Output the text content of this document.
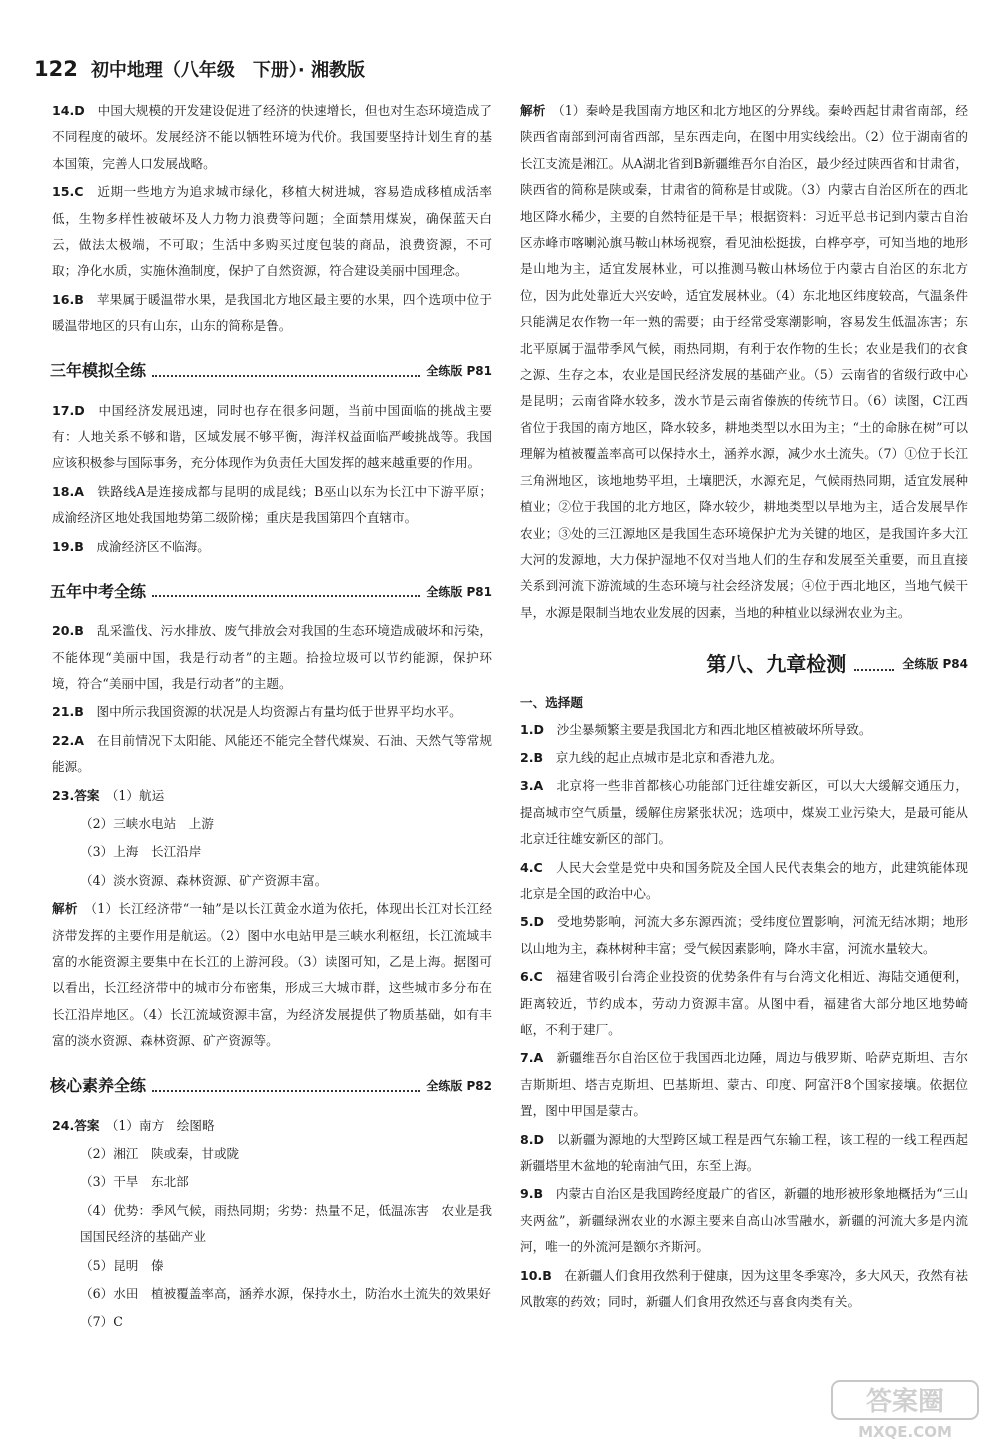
122 初中地理（八年级　下册）· 湘教版
14.D　 中国大规模的开发建设促进了经济的快速增长，但也对生态环境造成了不同程度的破坏。发展经济不能以牺牲环境为代价。我国要坚持计划生育的基本国策，完善人口发展战略。
15.C　 近期一些地方为追求城市绿化，移植大树进城，容易造成移植成活率低，生物多样性被破坏及人力物力浪费等问题；全面禁用煤炭，确保蓝天白云，做法太极端，不可取；生活中多购买过度包装的商品，浪费资源，不可取；净化水质，实施休渔制度，保护了自然资源，符合建设美丽中国理念。
16.B　 苹果属于暖温带水果，是我国北方地区最主要的水果，四个选项中位于暖温带地区的只有山东，山东的简称是鲁。
三年模拟全练	全练版 P81
17.D　 中国经济发展迅速，同时也存在很多问题，当前中国面临的挑战主要有：人地关系不够和谐，区域发展不够平衡，海洋权益面临严峻挑战等。我国应该积极参与国际事务，充分体现作为负责任大国发挥的越来越重要的作用。
18.A　 铁路线A是连接成都与昆明的成昆线；B巫山以东为长江中下游平原；成渝经济区地处我国地势第二级阶梯；重庆是我国第四个直辖市。
19.B　 成渝经济区不临海。
五年中考全练	全练版 P81
20.B　 乱采滥伐、污水排放、废气排放会对我国的生态环境造成破坏和污染，不能体现“美丽中国，我是行动者”的主题。拾捡垃圾可以节约能源，保护环境，符合“美丽中国，我是行动者”的主题。
21.B　 图中所示我国资源的状况是人均资源占有量均低于世界平均水平。
22.A　 在目前情况下太阳能、风能还不能完全替代煤炭、石油、天然气等常规能源。
23.答案　 （1）航运
（2）三峡水电站　上游
（3）上海　长江沿岸
（4）淡水资源、森林资源、矿产资源丰富。
解析　 （1）长江经济带“一轴”是以长江黄金水道为依托，体现出长江对长江经济带发挥的主要作用是航运。（2）图中水电站甲是三峡水利枢纽，长江流域丰富的水能资源主要集中在长江的上游河段。（3）读图可知，乙是上海。据图可以看出，长江经济带中的城市分布密集，形成三大城市群，这些城市多分布在长江沿岸地区。（4）长江流域资源丰富，为经济发展提供了物质基础，如有丰富的淡水资源、森林资源、矿产资源等。
核心素养全练	全练版 P82
24.答案　 （1）南方　绘图略
（2）湘江　陕或秦，甘或陇
（3）干旱　东北部
（4）优势：季风气候，雨热同期；劣势：热量不足，低温冻害　农业是我国国民经济的基础产业
（5）昆明　傣
（6）水田　植被覆盖率高，涵养水源，保持水土，防治水土流失的效果好
（7）C
解析　 （1）秦岭是我国南方地区和北方地区的分界线。秦岭西起甘肃省南部，经陕西省南部到河南省西部，呈东西走向，在图中用实线绘出。（2）位于湖南省的长江支流是湘江。从A湖北省到B新疆维吾尔自治区，最少经过陕西省和甘肃省，陕西省的简称是陕或秦，甘肃省的简称是甘或陇。（3）内蒙古自治区所在的西北地区降水稀少，主要的自然特征是干旱；根据资料：习近平总书记到内蒙古自治区赤峰市喀喇沁旗马鞍山林场视察，看见油松挺拔，白桦亭亭，可知当地的地形是山地为主，适宜发展林业，可以推测马鞍山林场位于内蒙古自治区的东北方位，因为此处靠近大兴安岭，适宜发展林业。（4）东北地区纬度较高，气温条件只能满足农作物一年一熟的需要；由于经常受寒潮影响，容易发生低温冻害；东北平原属于温带季风气候，雨热同期，有利于农作物的生长；农业是我们的衣食之源、生存之本，农业是国民经济发展的基础产业。（5）云南省的省级行政中心是昆明；云南省降水较多，泼水节是云南省傣族的传统节日。（6）读图，C江西省位于我国的南方地区，降水较多，耕地类型以水田为主；“土的命脉在树”可以理解为植被覆盖率高可以保持水土，涵养水源，减少水土流失。（7）①位于长江三角洲地区，该地地势平坦，土壤肥沃，水源充足，气候雨热同期，适宜发展种植业；②位于我国的北方地区，降水较少，耕地类型以旱地为主，适合发展旱作农业；③处的三江源地区是我国生态环境保护尤为关键的地区，是我国许多大江大河的发源地，大力保护湿地不仅对当地人们的生存和发展至关重要，而且直接关系到河流下游流域的生态环境与社会经济发展；④位于西北地区，当地气候干旱，水源是限制当地农业发展的因素，当地的种植业以绿洲农业为主。
第八、九章检测	全练版 P84
一、选择题
1.D　 沙尘暴频繁主要是我国北方和西北地区植被破坏所导致。
2.B　 京九线的起止点城市是北京和香港九龙。
3.A　 北京将一些非首都核心功能部门迁往雄安新区，可以大大缓解交通压力，提高城市空气质量，缓解住房紧张状况；选项中，煤炭工业污染大，是最可能从北京迁往雄安新区的部门。
4.C　 人民大会堂是党中央和国务院及全国人民代表集会的地方，此建筑能体现北京是全国的政治中心。
5.D　 受地势影响，河流大多东源西流；受纬度位置影响，河流无结冰期；地形以山地为主，森林树种丰富；受气候因素影响，降水丰富，河流水量较大。
6.C　 福建省吸引台湾企业投资的优势条件有与台湾文化相近、海陆交通便利，距离较近，节约成本，劳动力资源丰富。从图中看，福建省大部分地区地势崎岖，不利于建厂。
7.A　 新疆维吾尔自治区位于我国西北边陲，周边与俄罗斯、哈萨克斯坦、吉尔吉斯斯坦、塔吉克斯坦、巴基斯坦、蒙古、印度、阿富汗8个国家接壤。依据位置，图中甲国是蒙古。
8.D　 以新疆为源地的大型跨区域工程是西气东输工程，该工程的一线工程西起新疆塔里木盆地的轮南油气田，东至上海。
9.B　 内蒙古自治区是我国跨经度最广的省区，新疆的地形被形象地概括为“三山夹两盆”，新疆绿洲农业的水源主要来自高山冰雪融水，新疆的河流大多是内流河，唯一的外流河是额尔齐斯河。
10.B　 在新疆人们食用孜然利于健康，因为这里冬季寒冷，多大风天，孜然有祛风散寒的药效；同时，新疆人们食用孜然还与喜食肉类有关。
答案圈
MXQE.COM
